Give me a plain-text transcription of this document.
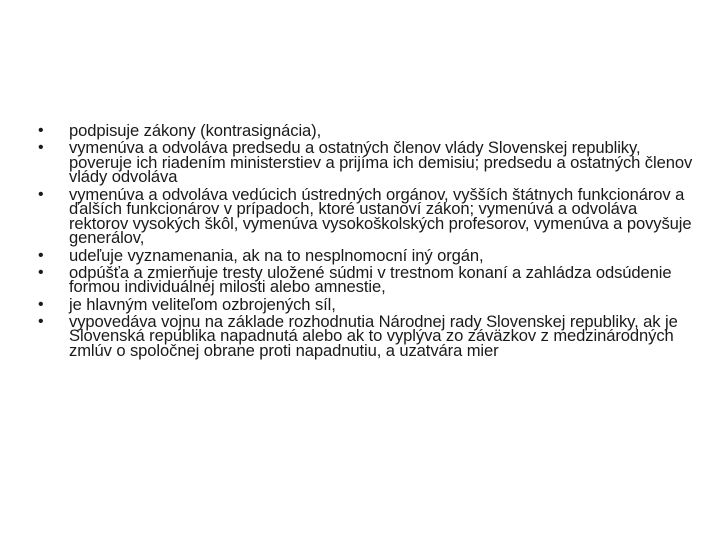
• podpisuje zákony (kontrasignácia),
• vymenúva a odvoláva predsedu a ostatných členov vlády Slovenskej republiky, poveruje ich riadením ministerstiev a prijíma ich demisiu; predsedu a ostatných členov vlády odvoláva
• vymenúva a odvoláva vedúcich ústredných orgánov, vyšších štátnych funkcionárov a ďalších funkcionárov v prípadoch, ktoré ustanoví zákon; vymenúva a odvoláva rektorov vysokých škôl, vymenúva vysokoškolských profesorov, vymenúva a povyšuje generálov,
• udeľuje vyznamenania, ak na to nesplnomocní iný orgán,
• odpúšťa a zmierňuje tresty uložené súdmi v trestnom konaní a zahládza odsúdenie formou individuálnej milosti alebo amnestie,
• je hlavným veliteľom ozbrojených síl,
• vypovedáva vojnu na základe rozhodnutia Národnej rady Slovenskej republiky, ak je Slovenská republika napadnutá alebo ak to vyplýva zo záväzkov z medzinárodných zmlúv o spoločnej obrane proti napadnutiu, a uzatvára mier
